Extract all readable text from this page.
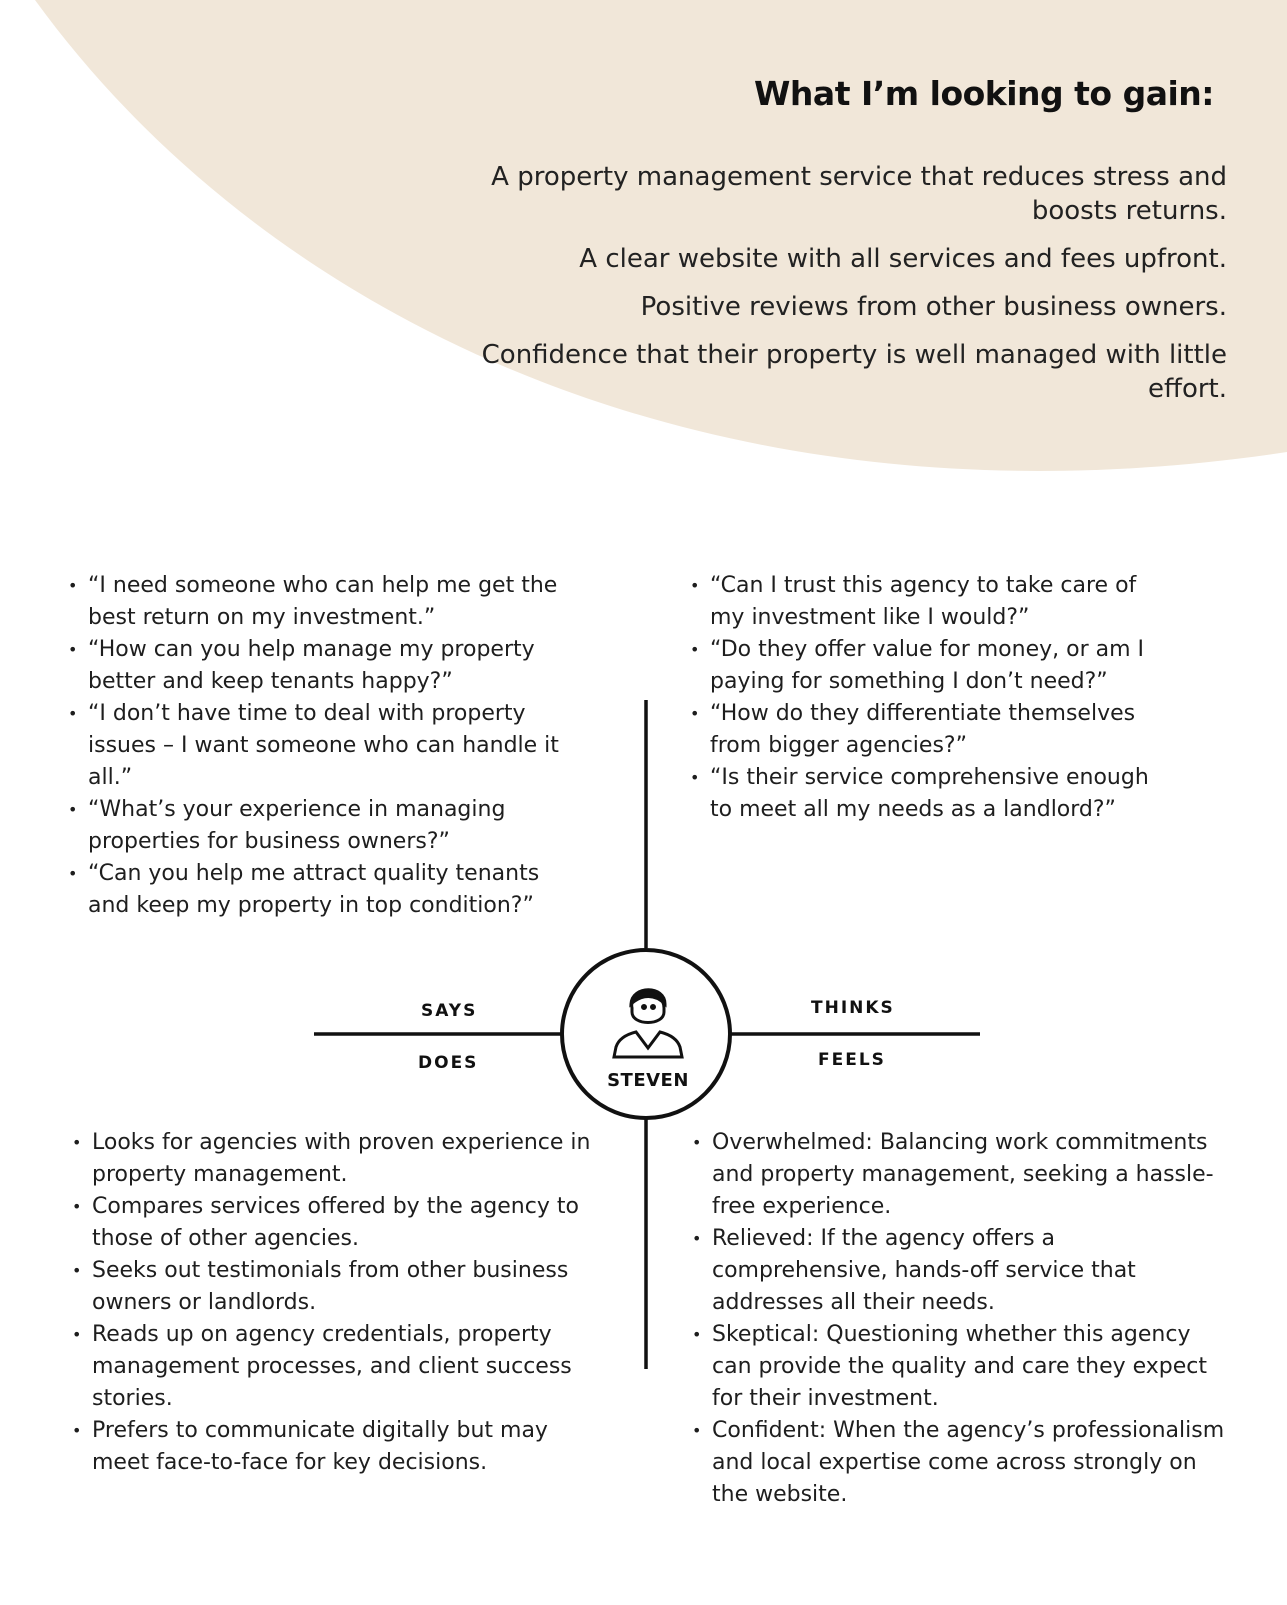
What I’m looking to gain:
A property management service that reduces stress and boosts returns.
A clear website with all services and fees upfront.
Positive reviews from other business owners.
Confidence that their property is well managed with little effort.
• “I need someone who can help me get the best return on my investment.”
• “How can you help manage my property better and keep tenants happy?”
• “I don’t have time to deal with property issues – I want someone who can handle it all.”
• “What’s your experience in managing properties for business owners?”
• “Can you help me attract quality tenants and keep my property in top condition?”
• “Can I trust this agency to take care of my investment like I would?”
• “Do they offer value for money, or am I paying for something I don’t need?”
• “How do they differentiate themselves from bigger agencies?”
• “Is their service comprehensive enough to meet all my needs as a landlord?”

SAYS

DOES

THINKS

FEELS

STEVEN

• Looks for agencies with proven experience in property management.
• Compares services offered by the agency to those of other agencies.
• Seeks out testimonials from other business owners or landlords.
• Reads up on agency credentials, property management processes, and client success stories.
• Prefers to communicate digitally but may meet face-to-face for key decisions.
• Overwhelmed: Balancing work commitments and property management, seeking a hassle-free experience.
• Relieved: If the agency offers a comprehensive, hands-off service that addresses all their needs.
• Skeptical: Questioning whether this agency can provide the quality and care they expect for their investment.
• Confident: When the agency’s professionalism and local expertise come across strongly on the website.
